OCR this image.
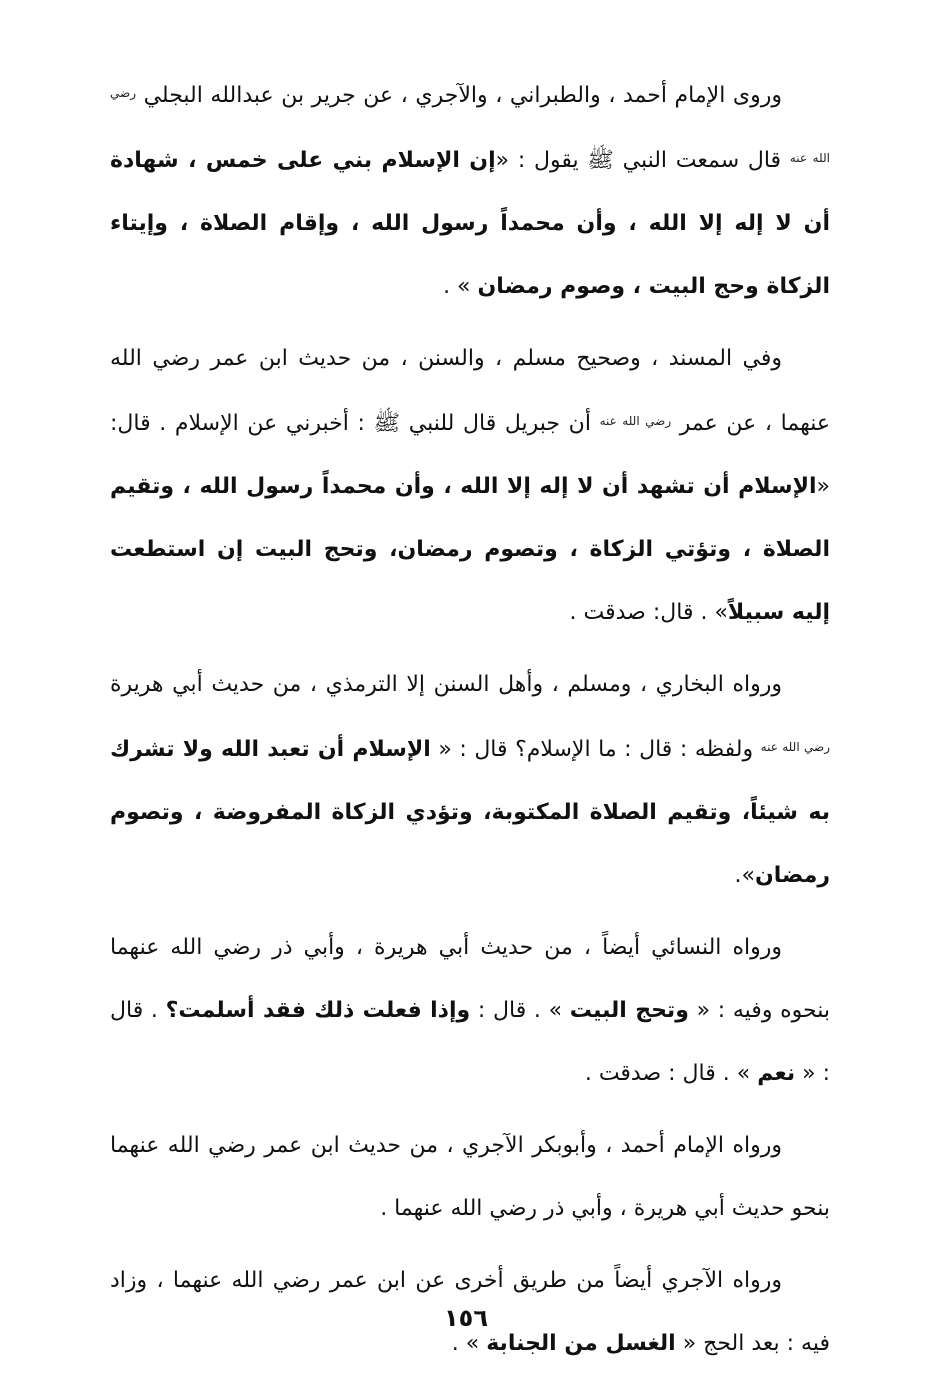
وروى الإمام أحمد ، والطبراني ، والآجري ، عن جرير بن عبدالله البجلي $^{رضي الله عنه}$ قال سمعت النبي ﷺ يقول : «إن الإسلام بني على خمس ، شهادة أن لا إله إلا الله ، وأن محمداً رسول الله ، وإقام الصلاة ، وإيتاء الزكاة وحج البيت ، وصوم رمضان » .

وفي المسند ، وصحيح مسلم ، والسنن ، من حديث ابن عمر رضي الله عنهما ، عن عمر $^{رضي الله عنه}$ أن جبريل قال للنبي ﷺ : أخبرني عن الإسلام . قال: «الإسلام أن تشهد أن لا إله إلا الله ، وأن محمداً رسول الله ، وتقيم الصلاة ، وتؤتي الزكاة ، وتصوم رمضان، وتحج البيت إن استطعت إليه سبيلاً» . قال: صدقت .

ورواه البخاري ، ومسلم ، وأهل السنن إلا الترمذي ، من حديث أبي هريرة $^{رضي الله عنه}$ ولفظه : قال : ما الإسلام؟ قال : « الإسلام أن تعبد الله ولا تشرك به شيئاً، وتقيم الصلاة المكتوبة، وتؤدي الزكاة المفروضة ، وتصوم رمضان».

ورواه النسائي أيضاً ، من حديث أبي هريرة ، وأبي ذر رضي الله عنهما بنحوه وفيه : « وتحج البيت » . قال : وإذا فعلت ذلك فقد أسلمت؟ . قال : « نعم » . قال : صدقت .

ورواه الإمام أحمد ، وأبوبكر الآجري ، من حديث ابن عمر رضي الله عنهما بنحو حديث أبي هريرة ، وأبي ذر رضي الله عنهما .

ورواه الآجري أيضاً من طريق أخرى عن ابن عمر رضي الله عنهما ، وزاد فيه : بعد الحج « الغسل من الجنابة » .

١٥٦
